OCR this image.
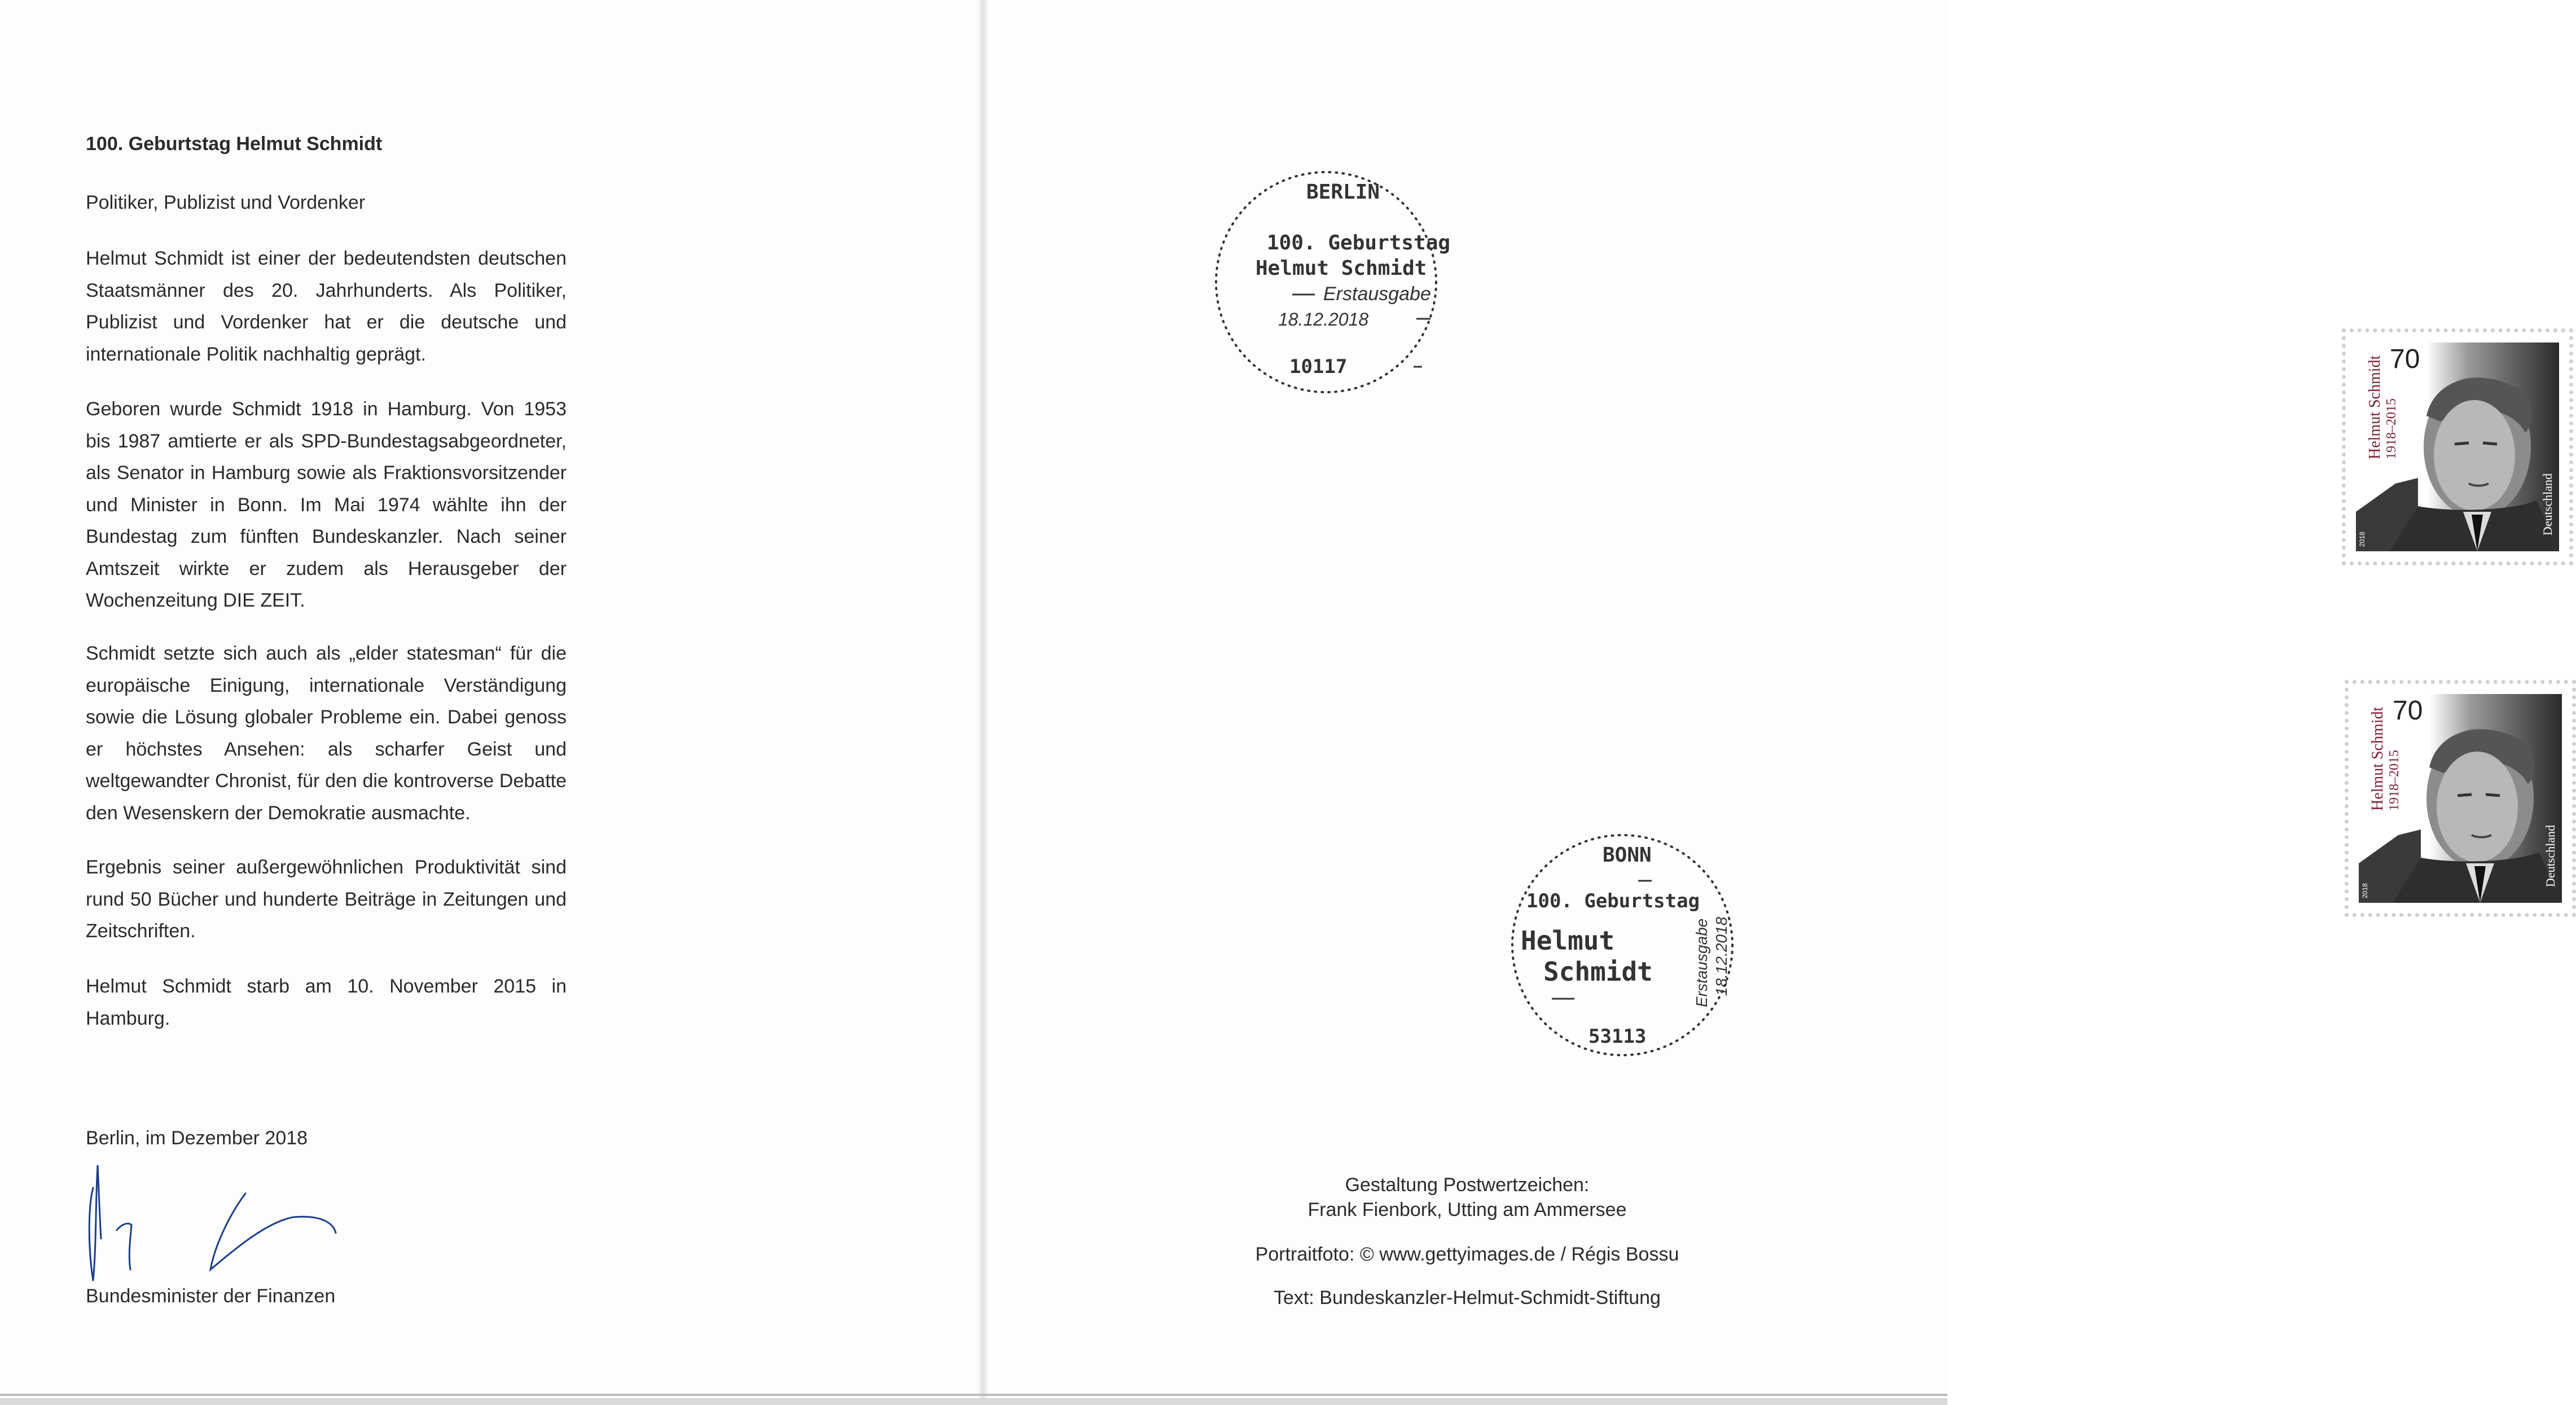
100. Geburtstag Helmut Schmidt
Politiker, Publizist und Vordenker
Helmut Schmidt ist einer der bedeutendsten deutschen Staatsmänner des 20. Jahrhunderts. Als Politiker, Publizist und Vordenker hat er die deutsche und internationale Politik nachhaltig geprägt.
Geboren wurde Schmidt 1918 in Hamburg. Von 1953 bis 1987 amtierte er als SPD-Bundestagsabgeordneter, als Senator in Hamburg sowie als Fraktionsvorsitzender und Minister in Bonn. Im Mai 1974 wählte ihn der Bundestag zum fünften Bundeskanzler. Nach seiner Amtszeit wirkte er zudem als Herausgeber der Wochenzeitung DIE ZEIT.
Schmidt setzte sich auch als „elder statesman“ für die europäische Einigung, internationale Verständigung sowie die Lösung globaler Probleme ein. Dabei genoss er höchstes Ansehen: als scharfer Geist und weltgewandter Chronist, für den die kontroverse Debatte den Wesenskern der Demokratie ausmachte.
Ergebnis seiner außergewöhnlichen Produktivität sind rund 50 Bücher und hunderte Beiträge in Zeitungen und Zeitschriften.
Helmut Schmidt starb am 10. November 2015 in Hamburg.
Berlin, im Dezember 2018
Bundesminister der Finanzen
Helmut Schmidt 1918–2015
70
Deutschland
2018
Helmut Schmidt 1918–2015
70
Deutschland
2018
BERLIN
100. Geburtstag
Helmut Schmidt
Erstausgabe
18.12.2018
10117
BONN
100. Geburtstag
Helmut
Schmidt	Erstausgabe 18.12.2018
53113
Gestaltung Postwertzeichen:
Frank Fienbork, Utting am Ammersee
Portraitfoto: © www.gettyimages.de / Régis Bossu
Text: Bundeskanzler-Helmut-Schmidt-Stiftung
